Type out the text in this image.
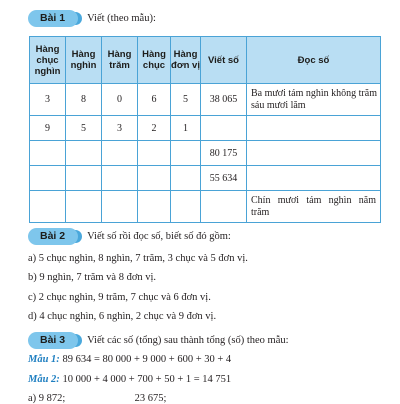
Bài 1	Viết (theo mẫu):
Hàng chục nghìn	Hàng nghìn	Hàng trăm	Hàng chục	Hàng đơn vị	Viết số	Đọc số
3	8	0	6	5	38 065	Ba mươi tám nghìn không trăm sáu mươi lăm
9	5	3	2	1		
					80 175	
					55 634	
						Chín mươi tám nghìn năm trăm
Bài 2	Viết số rồi đọc số, biết số đó gồm:
a) 5 chục nghìn, 8 nghìn, 7 trăm, 3 chục và 5 đơn vị.
b) 9 nghìn, 7 trăm và 8 đơn vị.
c) 2 chục nghìn, 9 trăm, 7 chục và 6 đơn vị.
d) 4 chục nghìn, 6 nghìn, 2 chục và 9 đơn vị.
Bài 3	Viết các số (tổng) sau thành tổng (số) theo mẫu:
Mẫu 1: 89 634 = 80 000 + 9 000 + 600 + 30 + 4
Mẫu 2: 10 000 + 4 000 + 700 + 50 + 1 = 14 751
a) 9 872;	23 675;
